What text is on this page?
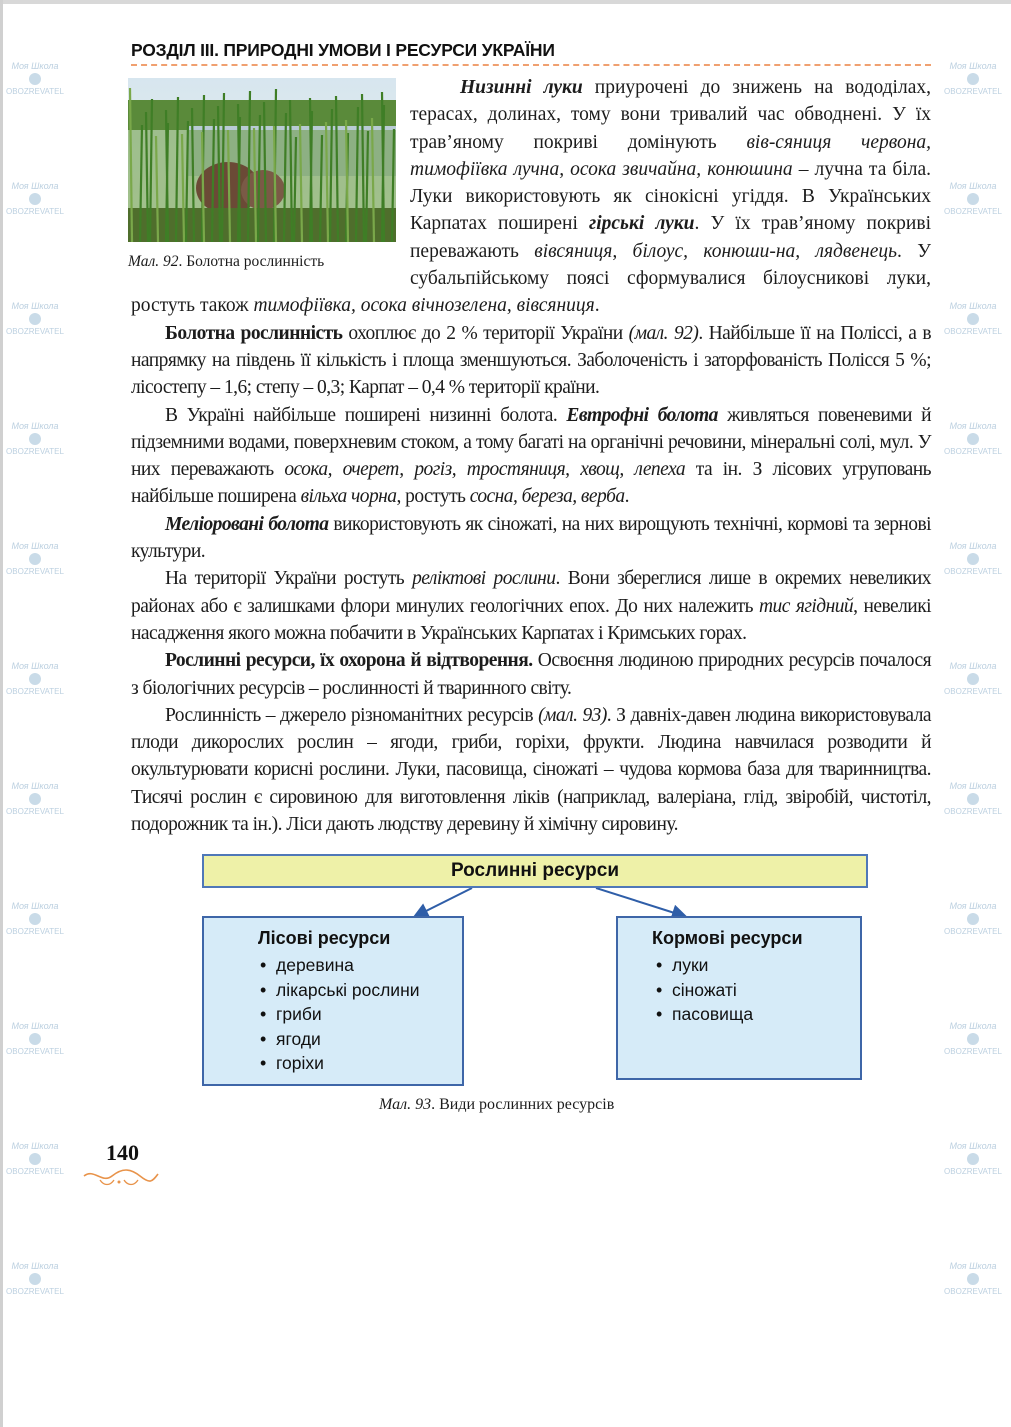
Моя Школа
OBOZREVATEL
Моя Школа
OBOZREVATEL
Моя Школа
OBOZREVATEL
Моя Школа
OBOZREVATEL
Моя Школа
OBOZREVATEL
Моя Школа
OBOZREVATEL
Моя Школа
OBOZREVATEL
Моя Школа
OBOZREVATEL
Моя Школа
OBOZREVATEL
Моя Школа
OBOZREVATEL
Моя Школа
OBOZREVATEL
Моя Школа
OBOZREVATEL
Моя Школа
OBOZREVATEL
Моя Школа
OBOZREVATEL
Моя Школа
OBOZREVATEL
Моя Школа
OBOZREVATEL
Моя Школа
OBOZREVATEL
Моя Школа
OBOZREVATEL
Моя Школа
OBOZREVATEL
Моя Школа
OBOZREVATEL
Моя Школа
OBOZREVATEL
Моя Школа
OBOZREVATEL
РОЗДІЛ III. ПРИРОДНІ УМОВИ І РЕСУРСИ УКРАЇНИ
Мал. 92. Болотна рослинність

Низинні луки приурочені до знижень на вододілах, терасах, долинах, тому вони тривалий час обводнені. У їх трав’яному покриві домінують вів-сяниця червона, тимофіївка лучна, осока звичайна, конюшина – лучна та біла. Луки використовують як сінокісні угіддя. В Українських Карпатах поширені гірські луки. У їх трав’яному покриві переважають вівсяниця, білоус, конюши-на, лядвенець. У субальпійському поясі сформувалися білоусникові луки, ростуть також тимофіївка, осока вічнозелена, вівсяниця.

Болотна рослинність охоплює до 2 % території України (мал. 92). Найбільше її на Поліссі, а в напрямку на південь її кількість і площа зменшуються. Заболоченість і заторфованість Полісся 5 %; лісостепу – 1,6; степу – 0,3; Карпат – 0,4 % території країни.

В Україні найбільше поширені низинні болота. Евтрофні болота живляться повеневими й підземними водами, поверхневим стоком, а тому багаті на органічні речовини, мінеральні солі, мул. У них переважають осока, очерет, рогіз, тростяниця, хвощ, лепеха та ін. З лісових угруповань найбільше поширена вільха чорна, ростуть сосна, береза, верба.

Меліоровані болота використовують як сіножаті, на них вирощують технічні, кормові та зернові культури.

На території України ростуть реліктові рослини. Вони збереглися лише в окремих невеликих районах або є залишками флори минулих геологічних епох. До них належить тис ягідний, невеликі насадження якого можна побачити в Українських Карпатах і Кримських горах.

Рослинні ресурси, їх охорона й відтворення. Освоєння людиною природних ресурсів почалося з біологічних ресурсів – рослинності й тваринного світу.

Рослинність – джерело різноманітних ресурсів (мал. 93). З давніх-давен людина використовувала плоди дикорослих рослин – ягоди, гриби, горіхи, фрукти. Людина навчилася розводити й окультурювати корисні рослини. Луки, пасовища, сіножаті – чудова кормова база для тваринництва. Тисячі рослин є сировиною для виготовлення ліків (наприклад, валеріана, глід, звіробій, чистотіл, подорожник та ін.). Ліси дають людству деревину й хімічну сировину.

Рослинні ресурси
Лісові ресурси
• деревина
• лікарські рослини
• гриби
• ягоди
• горіхи
Кормові ресурси
• луки
• сіножаті
• пасовища
Мал. 93. Види рослинних ресурсів
140
